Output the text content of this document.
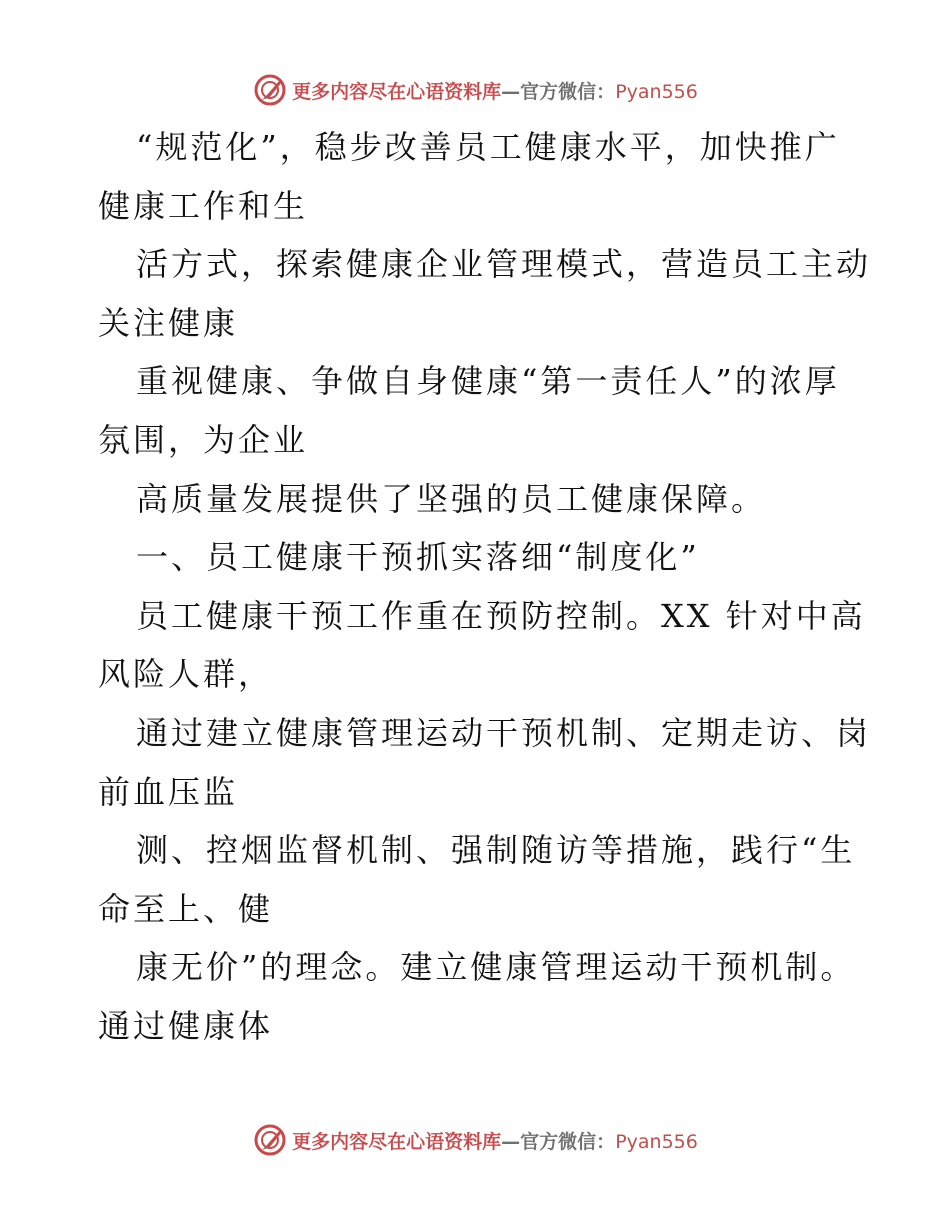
更多内容尽在心语资料库—官方微信：Pyan556
“规范化”，稳步改善员工健康水平，加快推广
健康工作和生
活方式，探索健康企业管理模式，营造员工主动
关注健康
重视健康、争做自身健康“第一责任人”的浓厚
氛围，为企业
高质量发展提供了坚强的员工健康保障。
一、员工健康干预抓实落细“制度化”
员工健康干预工作重在预防控制。XX 针对中高
风险人群，
通过建立健康管理运动干预机制、定期走访、岗
前血压监
测、控烟监督机制、强制随访等措施，践行“生
命至上、健
康无价”的理念。建立健康管理运动干预机制。
通过健康体
更多内容尽在心语资料库—官方微信：Pyan556
